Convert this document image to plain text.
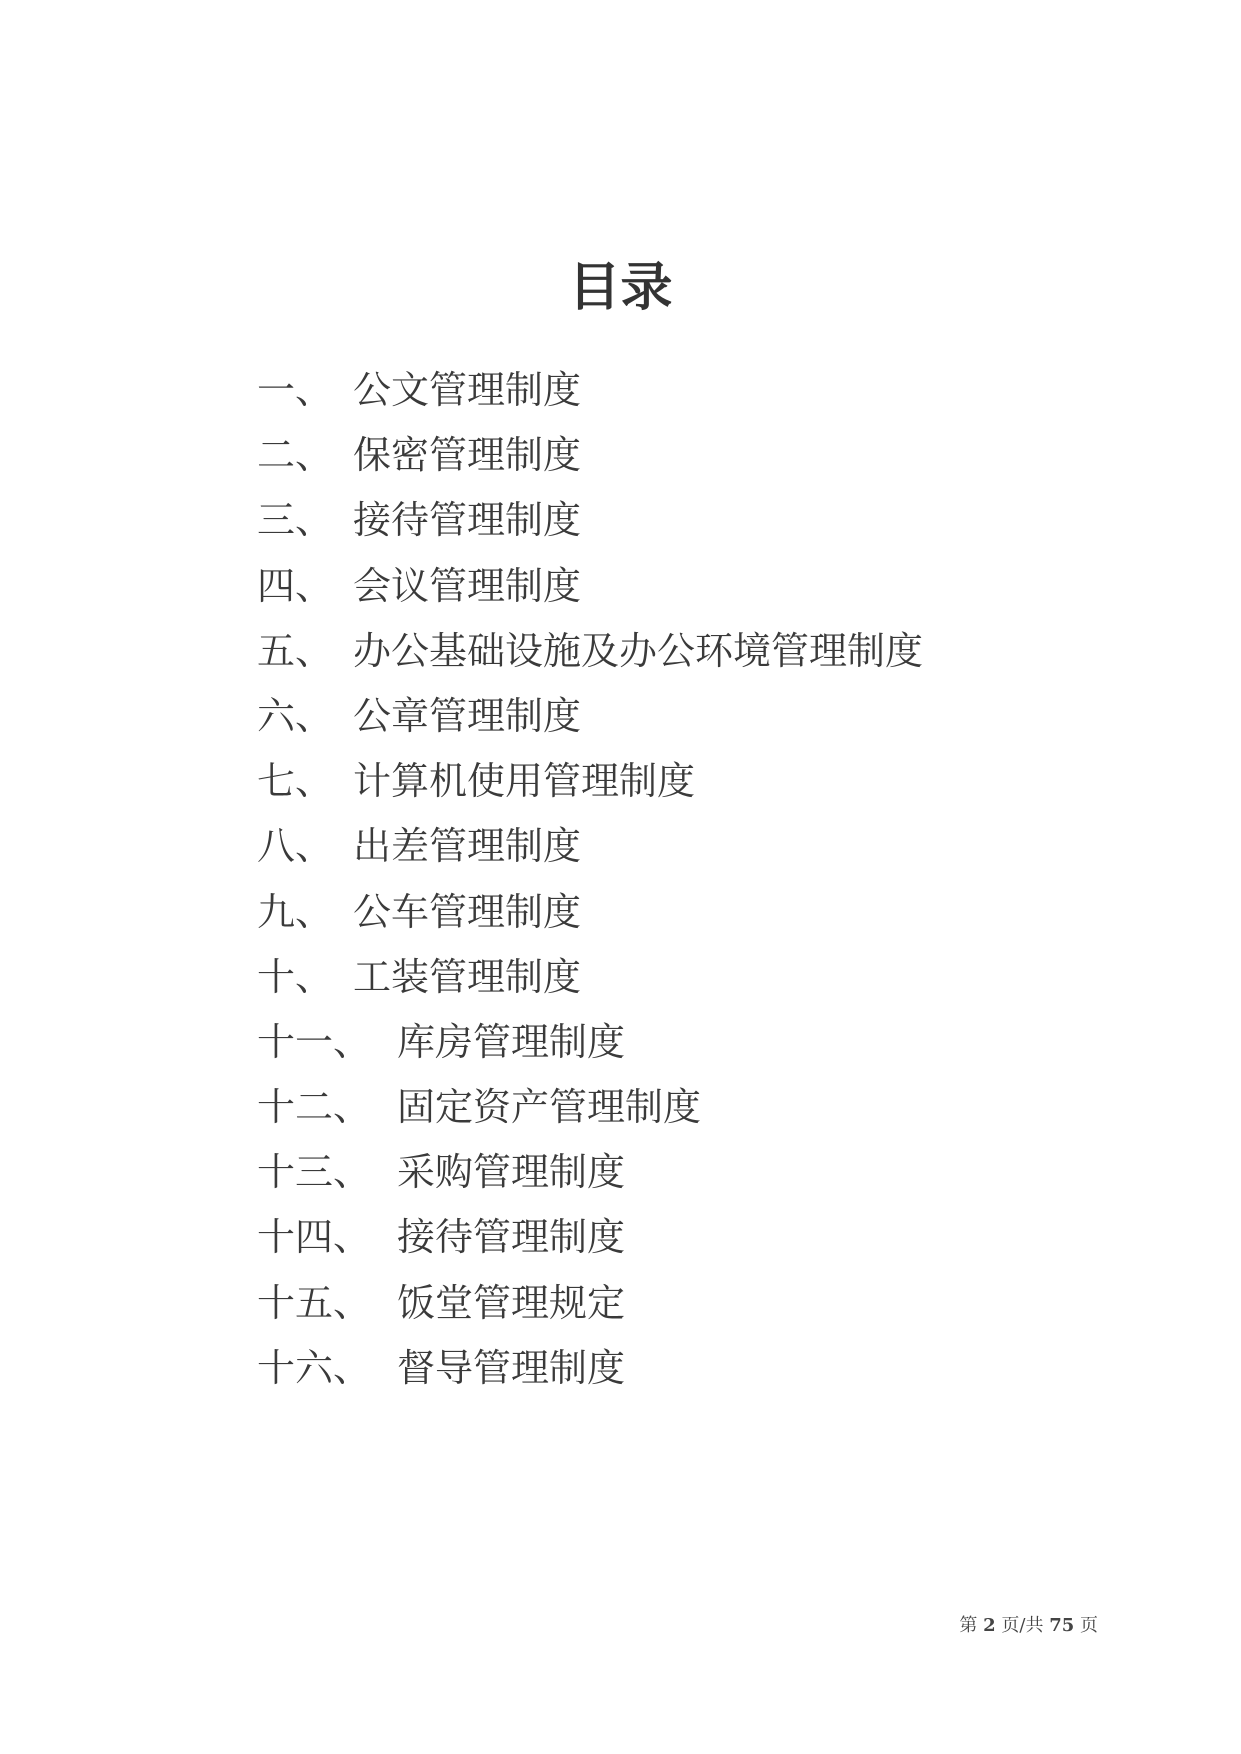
目录
一、 公文管理制度
二、 保密管理制度
三、 接待管理制度
四、 会议管理制度
五、 办公基础设施及办公环境管理制度
六、 公章管理制度
七、 计算机使用管理制度
八、 出差管理制度
九、 公车管理制度
十、 工装管理制度
十一、 库房管理制度
十二、 固定资产管理制度
十三、 采购管理制度
十四、 接待管理制度
十五、 饭堂管理规定
十六、 督导管理制度
第 2 页/共 75 页
